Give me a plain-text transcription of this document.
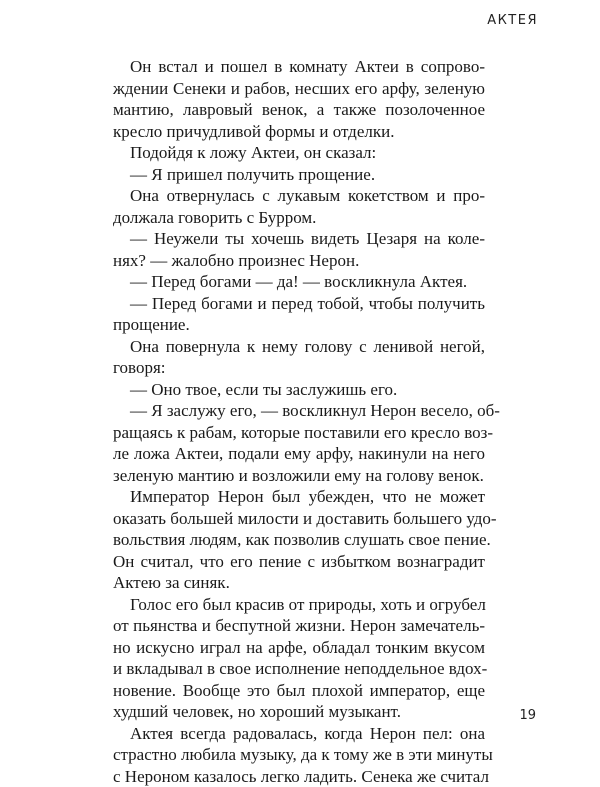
АКТЕЯ
Он встал и пошел в комнату Актеи в сопрово-
ждении Сенеки и рабов, несших его арфу, зеленую
мантию, лавровый венок, а также позолоченное
кресло причудливой формы и отделки.
Подойдя к ложу Актеи, он сказал:
— Я пришел получить прощение.
Она отвернулась с лукавым кокетством и про-
должала говорить с Бурром.
— Неужели ты хочешь видеть Цезаря на коле-
нях? — жалобно произнес Нерон.
— Перед богами — да! — воскликнула Актея.
— Перед богами и перед тобой, чтобы получить
прощение.
Она повернула к нему голову с ленивой негой,
говоря:
— Оно твое, если ты заслужишь его.
— Я заслужу его, — воскликнул Нерон весело, об-
ращаясь к рабам, которые поставили его кресло воз-
ле ложа Актеи, подали ему арфу, накинули на него
зеленую мантию и возложили ему на голову венок.
Император Нерон был убежден, что не может
оказать большей милости и доставить большего удо-
вольствия людям, как позволив слушать свое пение.
Он считал, что его пение с избытком вознаградит
Актею за синяк.
Голос его был красив от природы, хоть и огрубел
от пьянства и беспутной жизни. Нерон замечатель-
но искусно играл на арфе, обладал тонким вкусом
и вкладывал в свое исполнение неподдельное вдох-
новение. Вообще это был плохой император, еще
худший человек, но хороший музыкант.
Актея всегда радовалась, когда Нерон пел: она
страстно любила музыку, да к тому же в эти минуты
с Нероном казалось легко ладить. Сенека же считал
19
